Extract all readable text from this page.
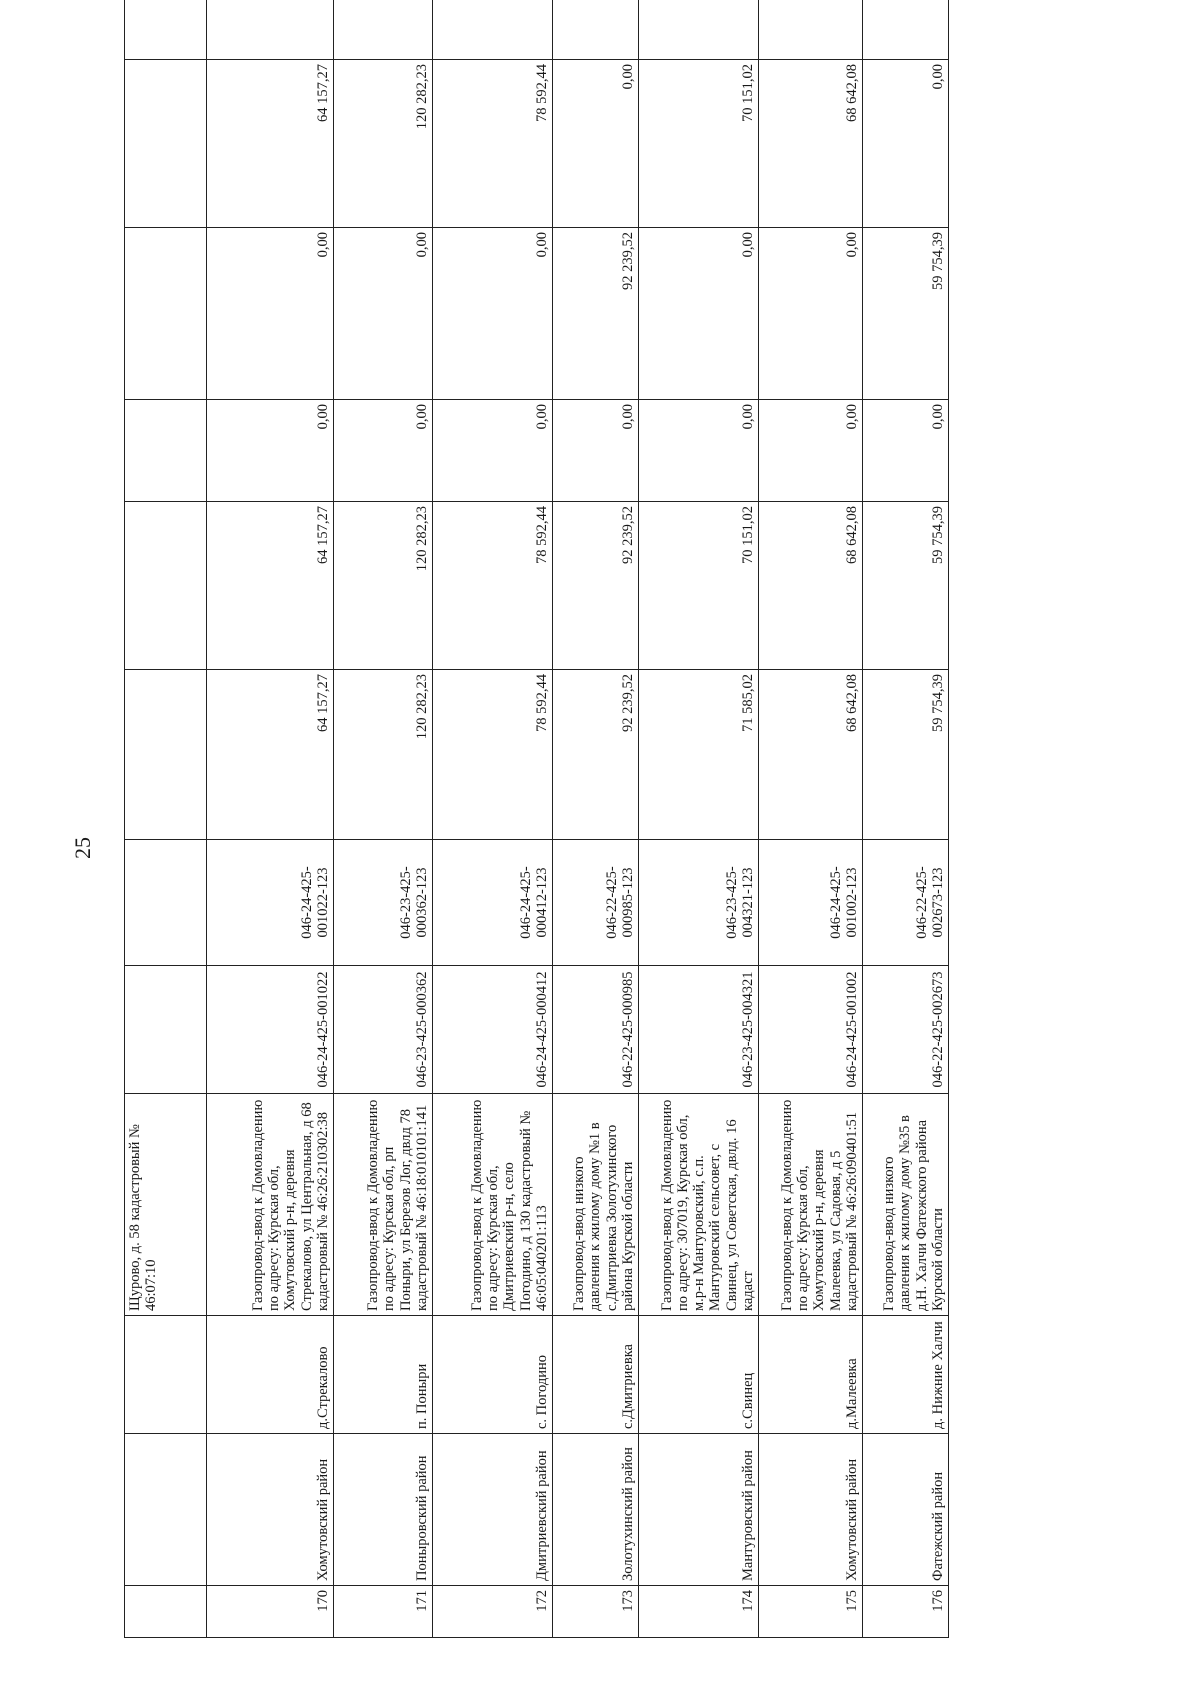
25
			Щурово, д. 58 кадастровый № 46:07:10								
170	Хомутовский район	д.Стрекалово	Газопровод-ввод к Домовладению по адресу: Курская обл, Хомутовский р-н, деревня Стрекалово, ул Центральная, д 68 кадастровый № 46:26:210302:38	046-24-425-001022	046-24-425-001022-123	64 157,27	64 157,27	0,00	0,00	64 157,27	
171	Поныровский район	п. Поныри	Газопровод-ввод к Домовладению по адресу: Курская обл, рп Поныри, ул Березов Лог, двлд 78 кадастровый № 46:18:010101:141	046-23-425-000362	046-23-425-000362-123	120 282,23	120 282,23	0,00	0,00	120 282,23	
172	Дмитриевский район	с. Погодино	Газопровод-ввод к Домовладению по адресу: Курская обл, Дмитриевский р-н, село Погодино, д 130 кадастровый № 46:05:040201:113	046-24-425-000412	046-24-425-000412-123	78 592,44	78 592,44	0,00	0,00	78 592,44	
173	Золотухинский район	с.Дмитриевка	Газопровод-ввод низкого давления к жилому дому №1 в с.Дмитриевка Золотухинского района Курской области	046-22-425-000985	046-22-425-000985-123	92 239,52	92 239,52	0,00	92 239,52	0,00	
174	Мантуровский район	с.Свинец	Газопровод-ввод к Домовладению по адресу: 307019, Курская обл, м.р-н Мантуровский, с.п. Мантуровский сельсовет, с Свинец, ул Советская, двлд. 16 кадаст	046-23-425-004321	046-23-425-004321-123	71 585,02	70 151,02	0,00	0,00	70 151,02	
175	Хомутовский район	д.Малеевка	Газопровод-ввод к Домовладению по адресу: Курская обл, Хомутовский р-н, деревня Малеевка, ул Садовая, д 5 кадастровый № 46:26:090401:51	046-24-425-001002	046-24-425-001002-123	68 642,08	68 642,08	0,00	0,00	68 642,08	
176	Фатежский район	д. Нижние Халчи	Газопровод-ввод низкого давления к жилому дому №35 в д.Н. Халчи Фатежского района Курской области	046-22-425-002673	046-22-425-002673-123	59 754,39	59 754,39	0,00	59 754,39	0,00	
